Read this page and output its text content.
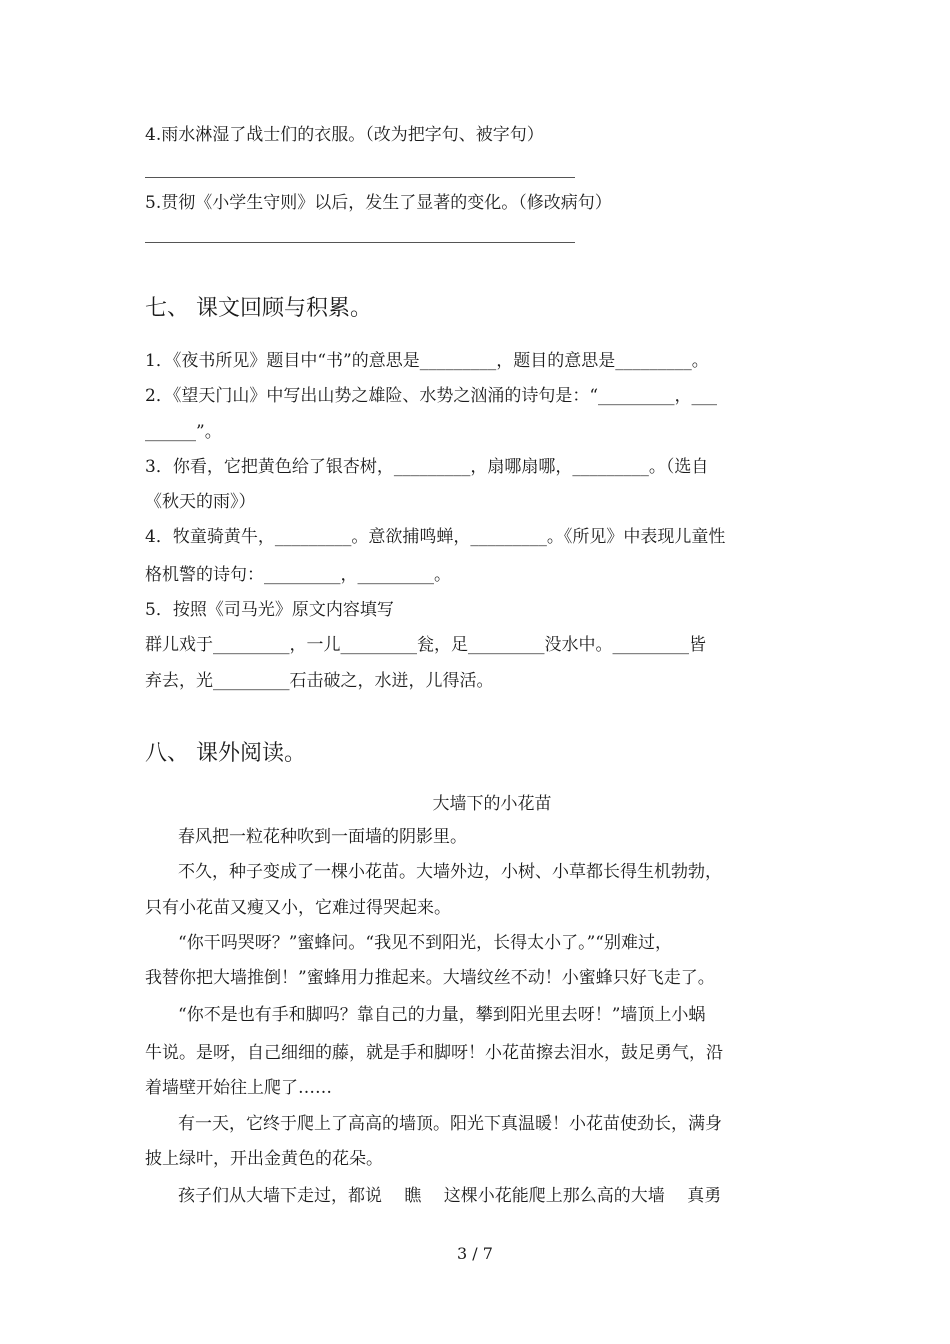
4.雨水淋湿了战士们的衣服。（改为把字句、被字句）
5.贯彻《小学生守则》以后，发生了显著的变化。（修改病句）
七、 课文回顾与积累。
1．《夜书所见》题目中“书”的意思是_________，题目的意思是_________。
2．《望天门山》中写出山势之雄险、水势之汹涌的诗句是：“_________，___
______”。
3．你看，它把黄色给了银杏树，_________，扇哪扇哪，_________。（选自
《秋天的雨》）
4．牧童骑黄牛，_________。意欲捕鸣蝉，_________。《所见》中表现儿童性
格机警的诗句：_________，_________。
5．按照《司马光》原文内容填写
群儿戏于_________，一儿_________瓮，足_________没水中。_________皆
弃去，光_________石击破之，水迸，儿得活。
八、 课外阅读。
大墙下的小花苗
春风把一粒花种吹到一面墙的阴影里。
不久，种子变成了一棵小花苗。大墙外边，小树、小草都长得生机勃勃，
只有小花苗又瘦又小，它难过得哭起来。
“你干吗哭呀？”蜜蜂问。“我见不到阳光，长得太小了。”“别难过，
我替你把大墙推倒！”蜜蜂用力推起来。大墙纹丝不动！小蜜蜂只好飞走了。
“你不是也有手和脚吗？靠自己的力量，攀到阳光里去呀！”墙顶上小蜗
牛说。是呀，自己细细的藤，就是手和脚呀！小花苗擦去泪水，鼓足勇气，沿
着墙壁开始往上爬了……
有一天，它终于爬上了高高的墙顶。阳光下真温暖！小花苗使劲长，满身
披上绿叶，开出金黄色的花朵。
孩子们从大墙下走过，都说　 瞧　 这棵小花能爬上那么高的大墙　 真勇
3 / 7
